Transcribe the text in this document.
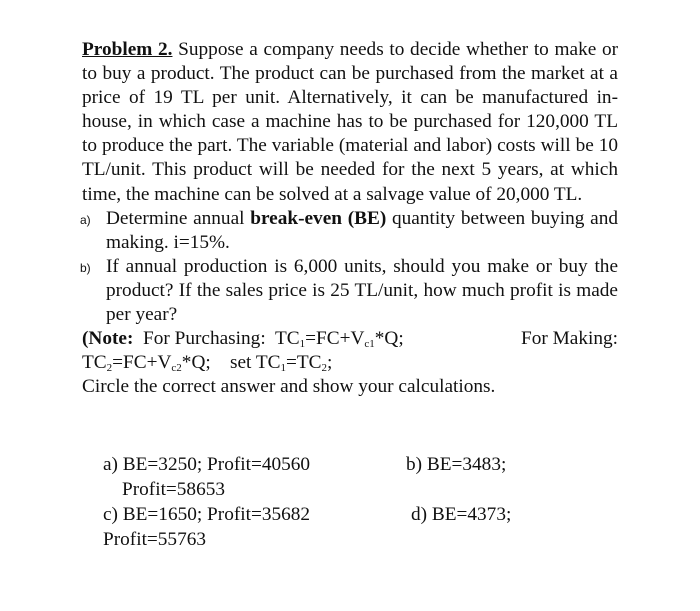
Problem 2. Suppose a company needs to decide whether to make or to buy a product. The product can be purchased from the market at a price of 19 TL per unit. Alternatively, it can be manufactured in-house, in which case a machine has to be purchased for 120,000 TL to produce the part. The variable (material and labor) costs will be 10 TL/unit. This product will be needed for the next 5 years, at which time, the machine can be solved at a salvage value of 20,000 TL.

a) Determine annual break-even (BE) quantity between buying and making. i=15%.
b) If annual production is 6,000 units, should you make or buy the product? If the sales price is 25 TL/unit, how much profit is made per year?
(Note: For Purchasing: $TC_1=FC+V_{c1}*Q$;	For Making:
$TC_2=FC+V_{c2}*Q$; set $TC_1=TC_2$;
Circle the correct answer and show your calculations.
a) BE=3250; Profit=40560
Profit=58653
c) BE=1650; Profit=35682
Profit=55763
b) BE=3483;
d) BE=4373;
